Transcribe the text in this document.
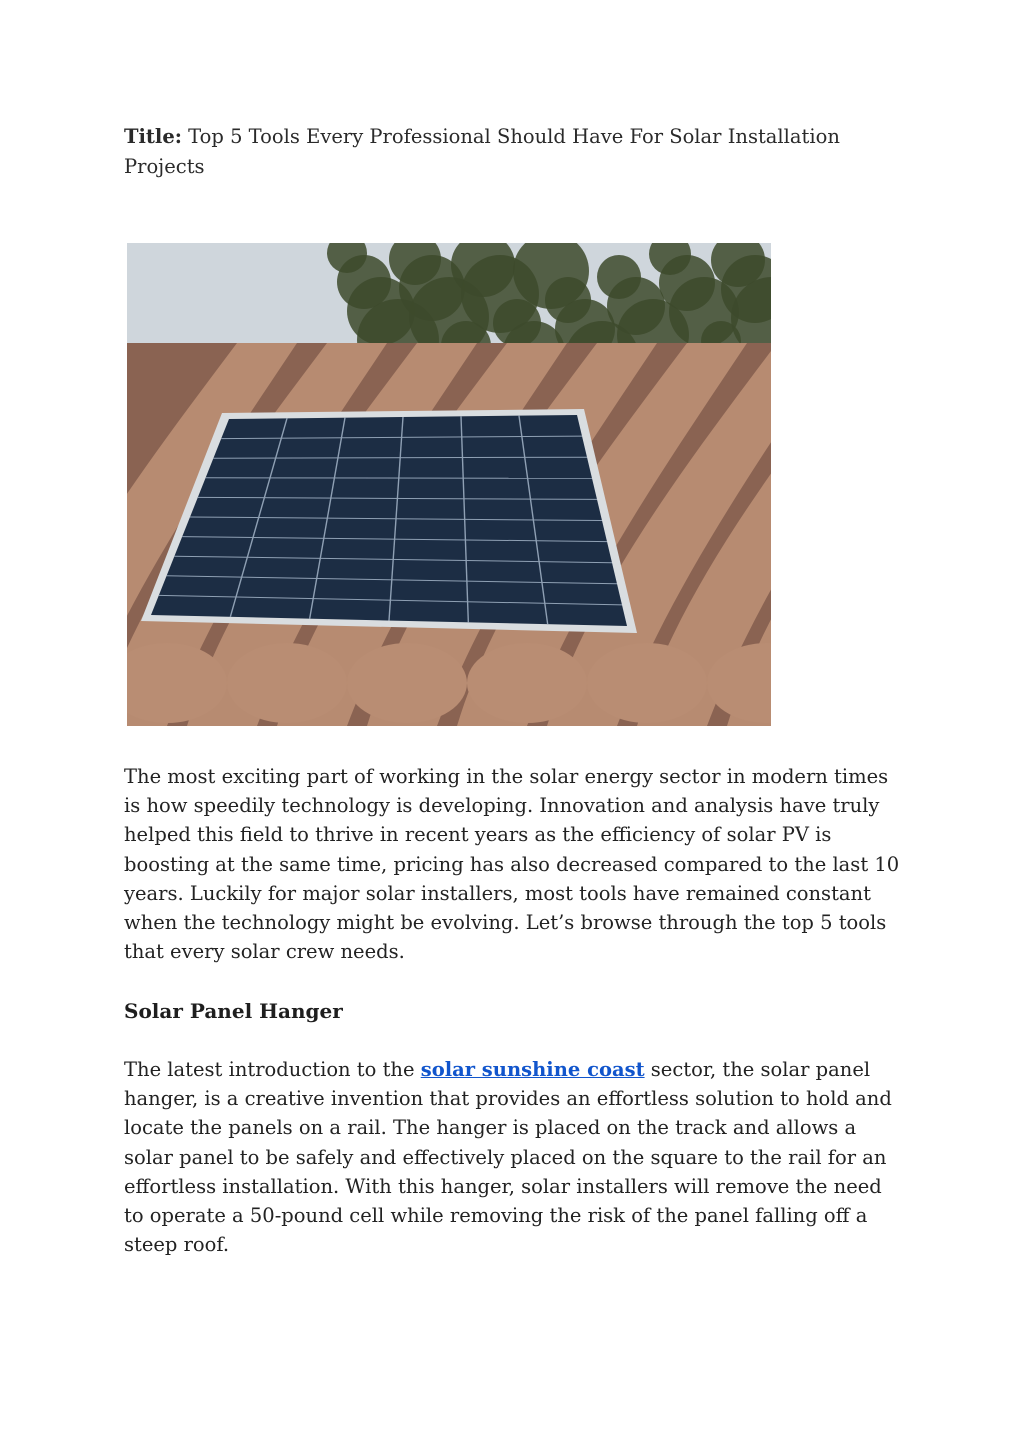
Title: Top 5 Tools Every Professional Should Have For Solar Installation Projects

The most exciting part of working in the solar energy sector in modern times is how speedily technology is developing. Innovation and analysis have truly helped this field to thrive in recent years as the efficiency of solar PV is boosting at the same time, pricing has also decreased compared to the last 10 years. Luckily for major solar installers, most tools have remained constant when the technology might be evolving. Let’s browse through the top 5 tools that every solar crew needs.

Solar Panel Hanger

The latest introduction to the solar sunshine coast sector, the solar panel hanger, is a creative invention that provides an effortless solution to hold and locate the panels on a rail. The hanger is placed on the track and allows a solar panel to be safely and effectively placed on the square to the rail for an effortless installation. With this hanger, solar installers will remove the need to operate a 50-pound cell while removing the risk of the panel falling off a steep roof.
